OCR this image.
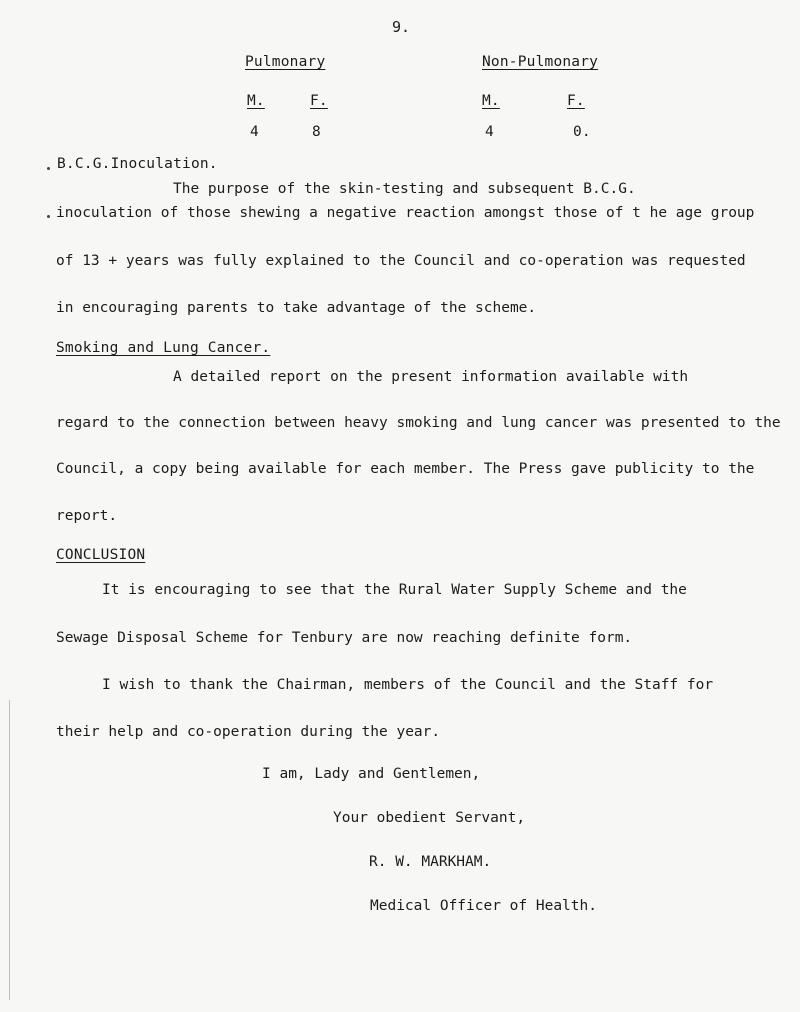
9.
Pulmonary	Non-Pulmonary
M.	F.	M.	F.
4	8	4	0.
B.C.G.Inoculation.
The purpose of the skin-testing and subsequent B.C.G.
inoculation of those shewing a negative reaction amongst those of t he age group
of 13 + years was fully explained to the Council and co-operation was requested
in encouraging parents to take advantage of the scheme.
Smoking and Lung Cancer.
A detailed report on the present information available with
regard to the connection between heavy smoking and lung cancer was presented to the
Council, a copy being available for each member. The Press gave publicity to the
report.
CONCLUSION
It is encouraging to see that the Rural Water Supply Scheme and the
Sewage Disposal Scheme for Tenbury are now reaching definite form.
I wish to thank the Chairman, members of the Council and the Staff for
their help and co-operation during the year.
I am, Lady and Gentlemen,
Your obedient Servant,
R. W. MARKHAM.
Medical Officer of Health.
